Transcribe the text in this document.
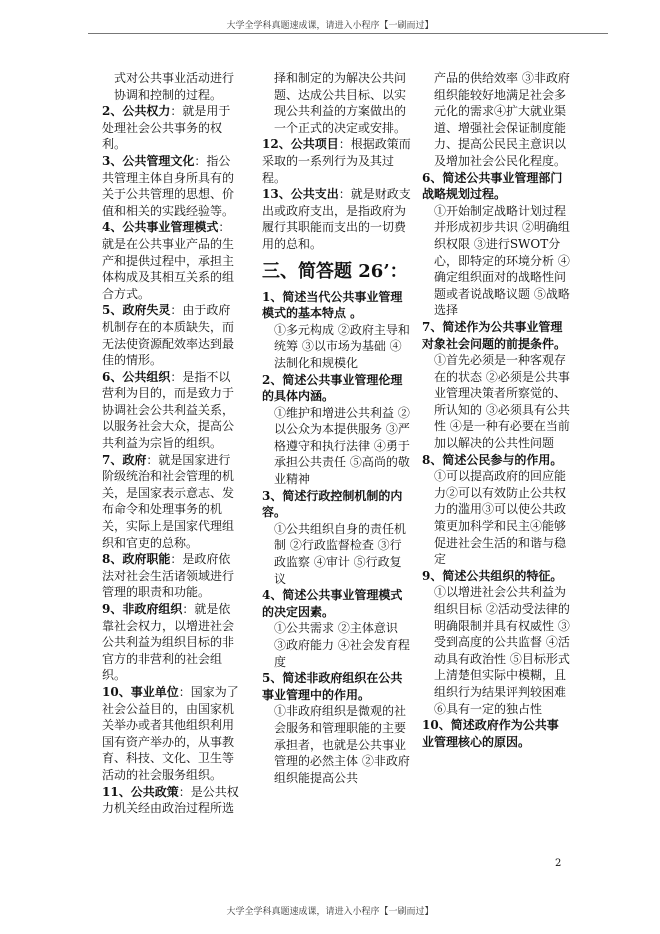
大学全学科真题速成课，请进入小程序【一刷而过】

式对公共事业活动进行协调和控制的过程。

2、公共权力：就是用于处理社会公共事务的权利。

3、公共管理文化：指公共管理主体自身所具有的关于公共管理的思想、价值和相关的实践经验等。

4、公共事业管理模式：就是在公共事业产品的生产和提供过程中，承担主体构成及其相互关系的组合方式。

5、政府失灵：由于政府机制存在的本质缺失，而无法使资源配效率达到最佳的情形。

6、公共组织：是指不以营利为目的，而是致力于协调社会公共利益关系，以服务社会大众，提高公共利益为宗旨的组织。

7、政府：就是国家进行阶级统治和社会管理的机关，是国家表示意志、发布命令和处理事务的机关，实际上是国家代理组织和官吏的总称。

8、政府职能：是政府依法对社会生活诸领域进行管理的职责和功能。

9、非政府组织：就是依靠社会权力，以增进社会公共利益为组织目标的非官方的非营利的社会组织。

10、事业单位：国家为了社会公益目的，由国家机关举办或者其他组织利用国有资产举办的，从事教育、科技、文化、卫生等活动的社会服务组织。

11、公共政策：是公共权力机关经由政治过程所选

择和制定的为解决公共问题、达成公共目标、以实现公共利益的方案做出的一个正式的决定或安排。

12、公共项目：根据政策而采取的一系列行为及其过程。

13、公共支出：就是财政支出或政府支出，是指政府为履行其职能而支出的一切费用的总和。

三、简答题 26’：

1、简述当代公共事业管理模式的基本特点 。

①多元构成 ②政府主导和统筹 ③以市场为基础 ④法制化和规模化

2、简述公共事业管理伦理的具体内涵。

①维护和增进公共利益 ②以公众为本提供服务 ③严格遵守和执行法律 ④勇于承担公共责任 ⑤高尚的敬业精神

3、简述行政控制机制的内容。

①公共组织自身的责任机制 ②行政监督检查 ③行政监察 ④审计 ⑤行政复议

4、简述公共事业管理模式的决定因素。

①公共需求 ②主体意识 ③政府能力 ④社会发育程度

5、简述非政府组织在公共事业管理中的作用。

①非政府组织是微观的社会服务和管理职能的主要承担者，也就是公共事业管理的必然主体 ②非政府组织能提高公共

产品的供给效率 ③非政府组织能较好地满足社会多元化的需求④扩大就业渠道、增强社会保证制度能力、提高公民民主意识以及增加社会公民化程度。

6、简述公共事业管理部门战略规划过程。

①开始制定战略计划过程并形成初步共识 ②明确组织权限 ③进行SWOT分心，即特定的环境分析 ④确定组织面对的战略性问题或者说战略议题 ⑤战略选择

7、简述作为公共事业管理对象社会问题的前提条件。

①首先必须是一种客观存在的状态 ②必须是公共事业管理决策者所察觉的、所认知的 ③必须具有公共性 ④是一种有必要在当前加以解决的公共性问题

8、简述公民参与的作用。

①可以提高政府的回应能力②可以有效防止公共权力的滥用③可以使公共政策更加科学和民主④能够促进社会生活的和谐与稳定

9、简述公共组织的特征。

①以增进社会公共利益为组织目标 ②活动受法律的明确限制并具有权威性 ③受到高度的公共监督 ④活动具有政治性 ⑤目标形式上清楚但实际中模糊，且组织行为结果评判较困难 ⑥具有一定的独占性

10、简述政府作为公共事业管理核心的原因。

2
大学全学科真题速成课，请进入小程序【一刷而过】
